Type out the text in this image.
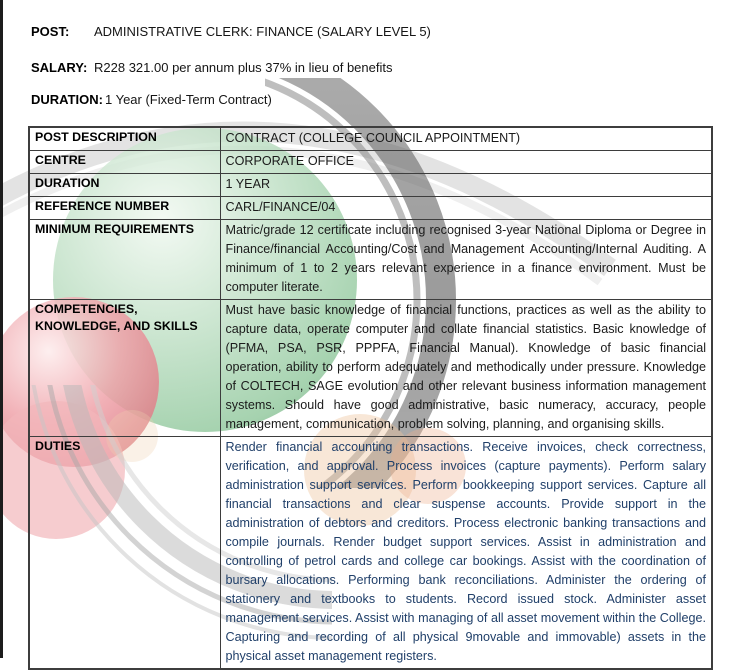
POST: ADMINISTRATIVE CLERK: FINANCE (SALARY LEVEL 5)

SALARY: R228 321.00 per annum plus 37% in lieu of benefits

DURATION: 1 Year (Fixed-Term Contract)

POST DESCRIPTION	CONTRACT (COLLEGE COUNCIL APPOINTMENT)
CENTRE	CORPORATE OFFICE
DURATION	1 YEAR
REFERENCE NUMBER	CARL/FINANCE/04
MINIMUM REQUIREMENTS	Matric/grade 12 certificate including recognised 3-year National Diploma or Degree in Finance/financial Accounting/Cost and Management Accounting/Internal Auditing. A minimum of 1 to 2 years relevant experience in a finance environment. Must be computer literate.
COMPETENCIES, KNOWLEDGE, AND SKILLS	Must have basic knowledge of financial functions, practices as well as the ability to capture data, operate computer and collate financial statistics. Basic knowledge of (PFMA, PSA, PSR, PPPFA, Financial Manual). Knowledge of basic financial operation, ability to perform adequately and methodically under pressure. Knowledge of COLTECH, SAGE evolution and other relevant business information management systems. Should have good administrative, basic numeracy, accuracy, people management, communication, problem solving, planning, and organising skills.
DUTIES	Render financial accounting transactions. Receive invoices, check correctness, verification, and approval. Process invoices (capture payments). Perform salary administration support services. Perform bookkeeping support services. Capture all financial transactions and clear suspense accounts. Provide support in the administration of debtors and creditors. Process electronic banking transactions and compile journals. Render budget support services. Assist in administration and controlling of petrol cards and college car bookings. Assist with the coordination of bursary allocations. Performing bank reconciliations. Administer the ordering of stationery and textbooks to students. Record issued stock. Administer asset management services. Assist with managing of all asset movement within the College. Capturing and recording of all physical 9movable and immovable) assets in the physical asset management registers.
